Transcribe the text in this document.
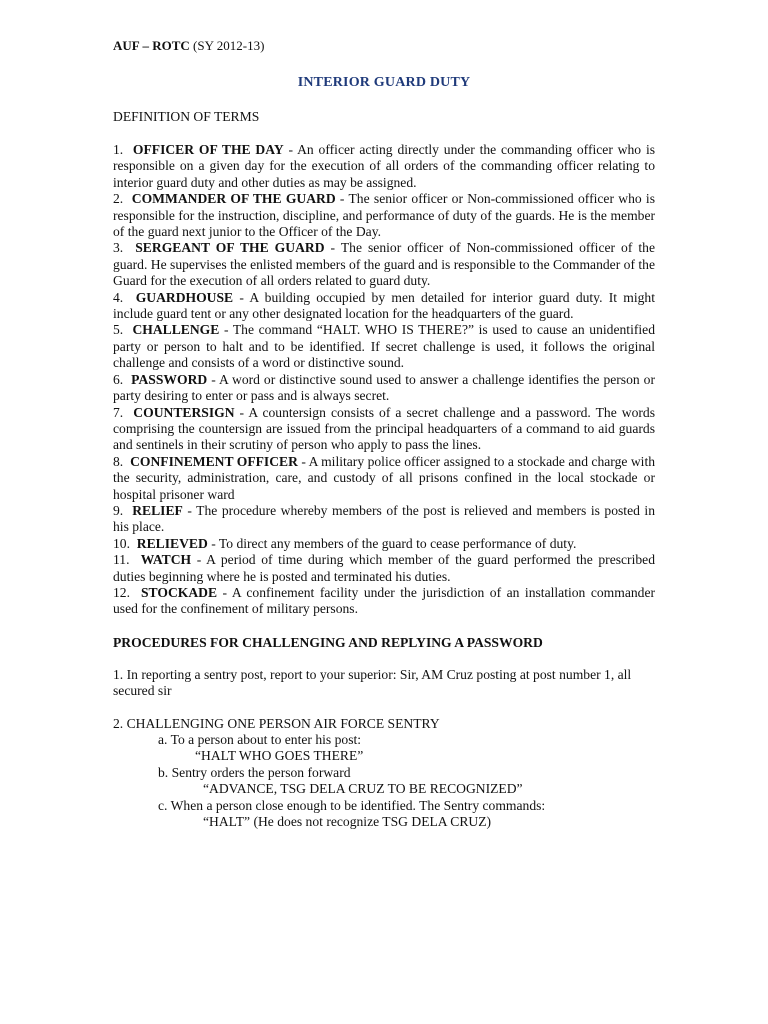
AUF – ROTC (SY 2012-13)

INTERIOR GUARD DUTY

DEFINITION OF TERMS

1. OFFICER OF THE DAY - An officer acting directly under the commanding officer who is responsible on a given day for the execution of all orders of the commanding officer relating to interior guard duty and other duties as may be assigned.

2. COMMANDER OF THE GUARD - The senior officer or Non-commissioned officer who is responsible for the instruction, discipline, and performance of duty of the guards. He is the member of the guard next junior to the Officer of the Day.

3. SERGEANT OF THE GUARD - The senior officer of Non-commissioned officer of the guard. He supervises the enlisted members of the guard and is responsible to the Commander of the Guard for the execution of all orders related to guard duty.

4. GUARDHOUSE - A building occupied by men detailed for interior guard duty. It might include guard tent or any other designated location for the headquarters of the guard.

5. CHALLENGE - The command “HALT. WHO IS THERE?” is used to cause an unidentified party or person to halt and to be identified. If secret challenge is used, it follows the original challenge and consists of a word or distinctive sound.

6. PASSWORD - A word or distinctive sound used to answer a challenge identifies the person or party desiring to enter or pass and is always secret.

7. COUNTERSIGN - A countersign consists of a secret challenge and a password. The words comprising the countersign are issued from the principal headquarters of a command to aid guards and sentinels in their scrutiny of person who apply to pass the lines.

8. CONFINEMENT OFFICER - A military police officer assigned to a stockade and charge with the security, administration, care, and custody of all prisons confined in the local stockade or hospital prisoner ward

9. RELIEF - The procedure whereby members of the post is relieved and members is posted in his place.

10. RELIEVED - To direct any members of the guard to cease performance of duty.

11. WATCH - A period of time during which member of the guard performed the prescribed duties beginning where he is posted and terminated his duties.

12. STOCKADE - A confinement facility under the jurisdiction of an installation commander used for the confinement of military persons.

PROCEDURES FOR CHALLENGING AND REPLYING A PASSWORD

1. In reporting a sentry post, report to your superior: Sir, AM Cruz posting at post number 1, all secured sir

2. CHALLENGING ONE PERSON AIR FORCE SENTRY

a. To a person about to enter his post:

“HALT WHO GOES THERE”

b. Sentry orders the person forward

“ADVANCE, TSG DELA CRUZ TO BE RECOGNIZED”

c. When a person close enough to be identified. The Sentry commands:

“HALT” (He does not recognize TSG DELA CRUZ)
